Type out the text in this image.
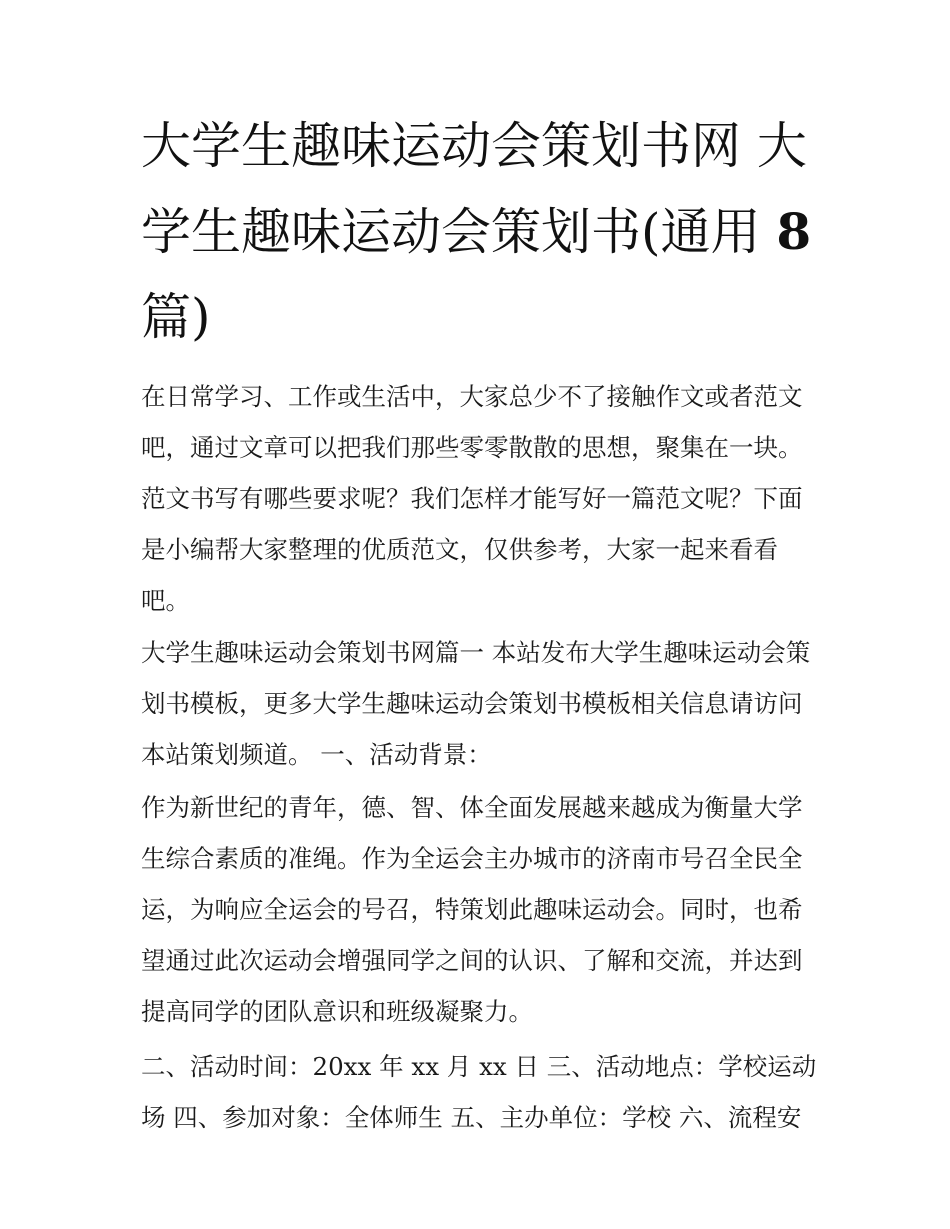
大学生趣味运动会策划书网 大学生趣味运动会策划书(通用 8篇)

在日常学习、工作或生活中，大家总少不了接触作文或者范文吧，通过文章可以把我们那些零零散散的思想，聚集在一块。范文书写有哪些要求呢？我们怎样才能写好一篇范文呢？下面是小编帮大家整理的优质范文，仅供参考，大家一起来看看吧。

大学生趣味运动会策划书网篇一 本站发布大学生趣味运动会策划书模板，更多大学生趣味运动会策划书模板相关信息请访问本站策划频道。 一、活动背景：

作为新世纪的青年，德、智、体全面发展越来越成为衡量大学生综合素质的准绳。作为全运会主办城市的济南市号召全民全运，为响应全运会的号召，特策划此趣味运动会。同时，也希望通过此次运动会增强同学之间的认识、了解和交流，并达到提高同学的团队意识和班级凝聚力。

二、活动时间：20xx 年 xx 月 xx 日 三、活动地点：学校运动场 四、参加对象：全体师生 五、主办单位：学校 六、流程安
